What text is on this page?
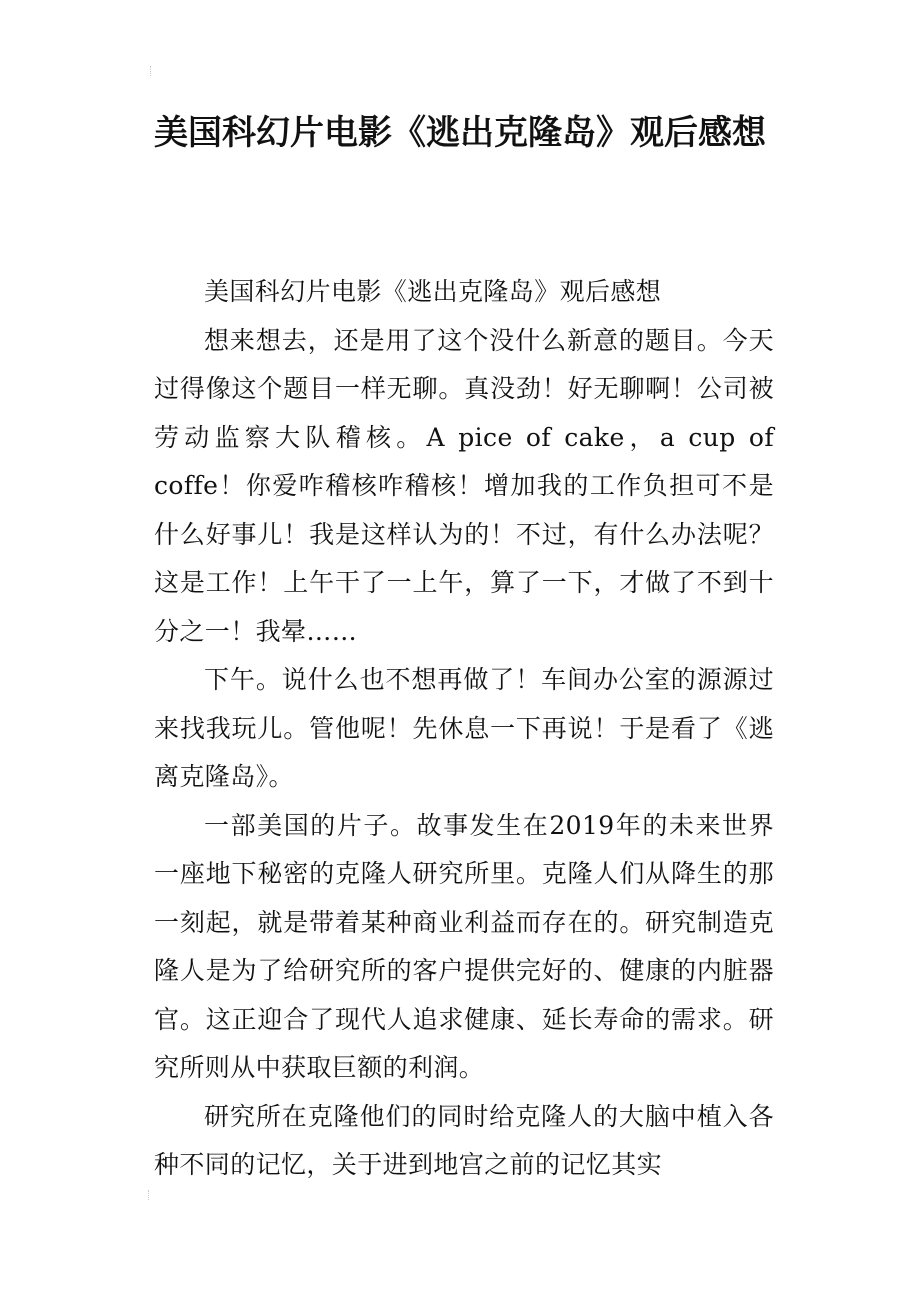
美国科幻片电影《逃出克隆岛》观后感想

美国科幻片电影《逃出克隆岛》观后感想

想来想去，还是用了这个没什么新意的题目。今天过得像这个题目一样无聊。真没劲！好无聊啊！公司被劳动监察大队稽核。A pice of cake，a cup of coffe！你爱咋稽核咋稽核！增加我的工作负担可不是什么好事儿！我是这样认为的！不过，有什么办法呢？这是工作！上午干了一上午，算了一下，才做了不到十分之一！我晕……

下午。说什么也不想再做了！车间办公室的源源过来找我玩儿。管他呢！先休息一下再说！于是看了《逃离克隆岛》。

一部美国的片子。故事发生在2019年的未来世界一座地下秘密的克隆人研究所里。克隆人们从降生的那一刻起，就是带着某种商业利益而存在的。研究制造克隆人是为了给研究所的客户提供完好的、健康的内脏器官。这正迎合了现代人追求健康、延长寿命的需求。研究所则从中获取巨额的利润。

研究所在克隆他们的同时给克隆人的大脑中植入各种不同的记忆，关于进到地宫之前的记忆其实
